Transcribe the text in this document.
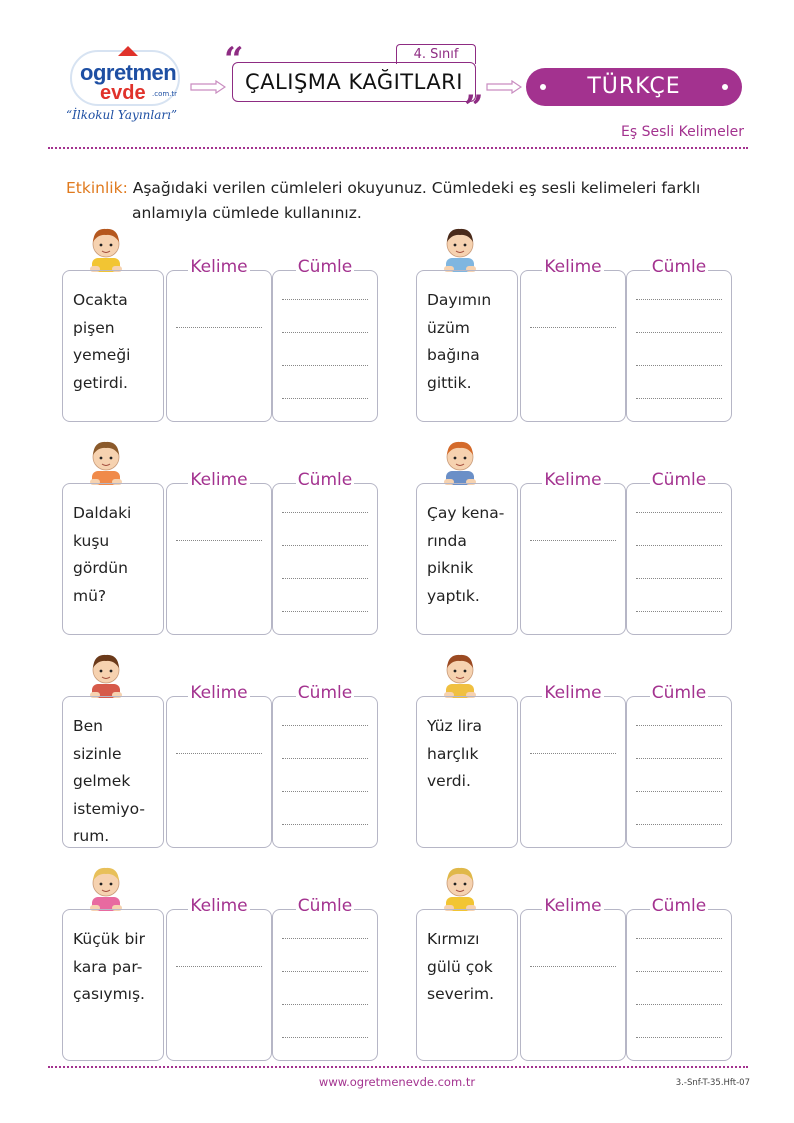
ogretmen
evde .com.tr
“İlkokul Yayınları”
4. Sınıf
“
ÇALIŞMA KAĞITLARI
”
TÜRKÇE
Eş Sesli Kelimeler
Etkinlik: Aşağıdaki verilen cümleleri okuyunuz. Cümledeki eş sesli kelimeleri farklı
anlamıyla cümlede kullanınız.
Ocakta
pişen
yemeği
getirdi.
Kelime	Cümle
Dayımın
üzüm
bağına
gittik.
Kelime	Cümle
Daldaki
kuşu
gördün
mü?
Kelime	Cümle
Çay kena-
rında
piknik
yaptık.
Kelime	Cümle
Ben sizinle
gelmek
istemiyo-
rum.
Kelime	Cümle
Yüz lira
harçlık
verdi.
Kelime	Cümle
Küçük bir
kara par-
çasıymış.
Kelime	Cümle
Kırmızı
gülü çok
severim.
Kelime	Cümle
www.ogretmenevde.com.tr	3.-Snf-T-35.Hft-07
